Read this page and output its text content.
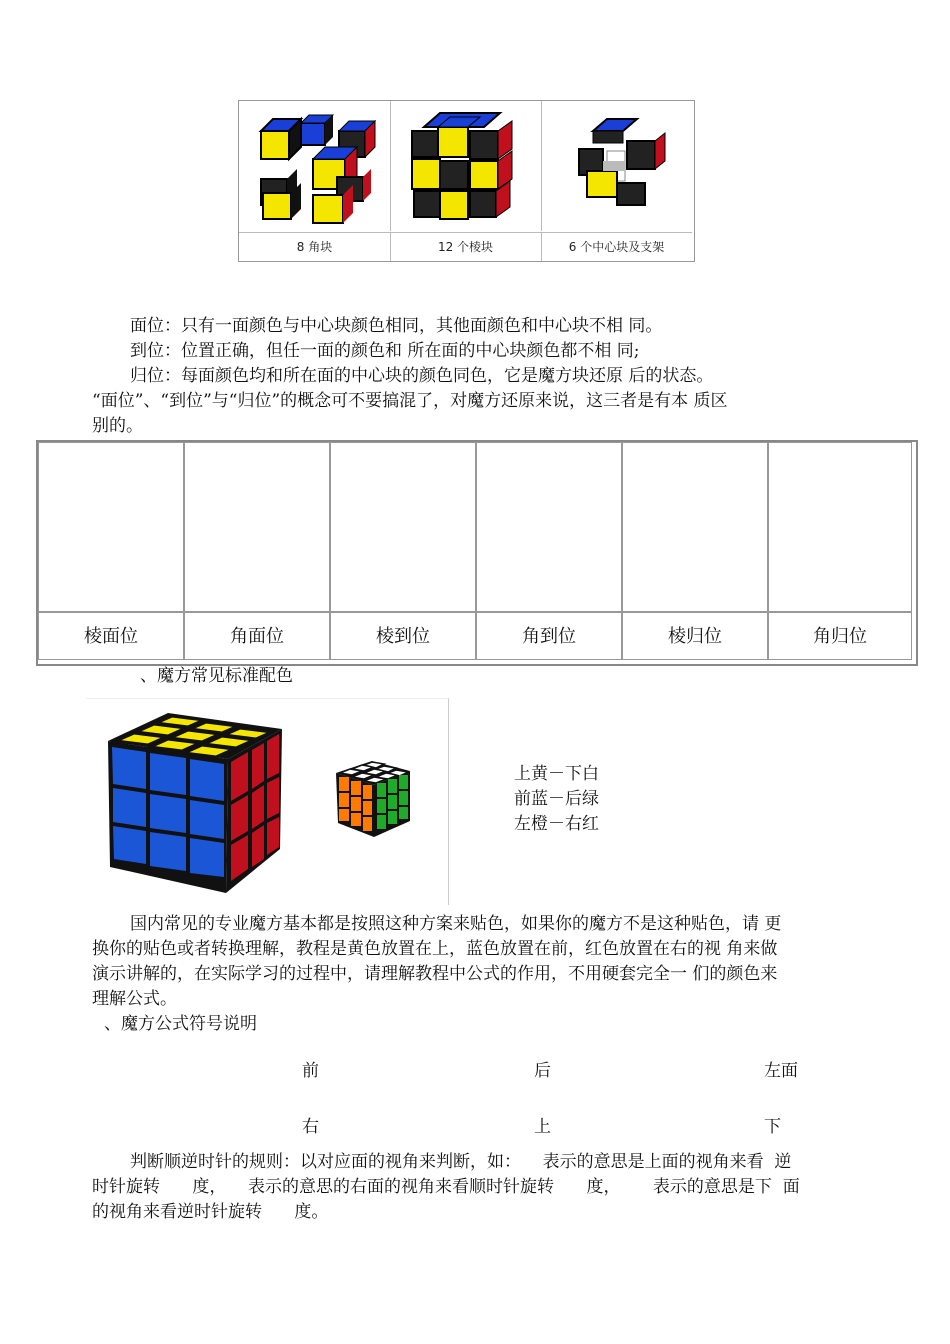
8 角块	12 个棱块	6 个中心块及支架
面位：只有一面颜色与中心块颜色相同，其他面颜色和中心块不相 同。
到位：位置正确，但任一面的颜色和 所在面的中心块颜色都不相 同;
归位：每面颜色均和所在面的中心块的颜色同色，它是魔方块还原 后的状态。
“面位”、“到位”与“归位”的概念可不要搞混了，对魔方还原来说，这三者是有本 质区
别的。
棱面位	角面位	棱到位	角到位	棱归位	角归位
、魔方常见标准配色
上黄－下白
前蓝－后绿
左橙－右红
国内常见的专业魔方基本都是按照这种方案来贴色，如果你的魔方不是这种贴色，请 更
换你的贴色或者转换理解，教程是黄色放置在上，蓝色放置在前，红色放置在右的视 角来做
演示讲解的，在实际学习的过程中，请理解教程中公式的作用，不用硬套完全一 们的颜色来
理解公式。
、魔方公式符号说明
前	后	左面
右	上	下
判断顺逆时针的规则：以对应面的视角来判断，如：    表示的意思是上面的视角来看  逆
时针旋转      度，    表示的意思的右面的视角来看顺时针旋转      度，      表示的意思是下  面
的视角来看逆时针旋转      度。
